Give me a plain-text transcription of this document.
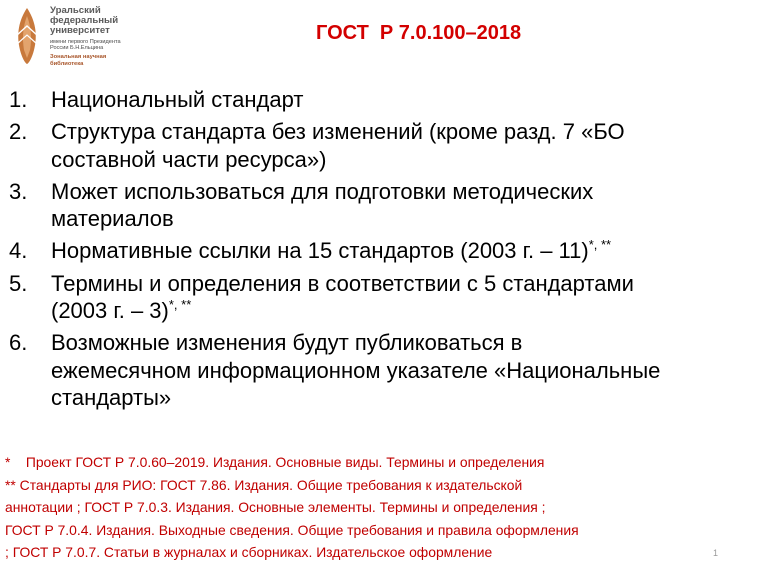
Уральский
федеральный
университет
имени первого Президента
России Б.Н.Ельцина
Зональная научная
библиотека
ГОСТ  Р 7.0.100–2018
1. Национальный стандарт
2. Структура стандарта без изменений (кроме разд. 7 «БО
составной части ресурса»)
3. Может использоваться для подготовки методических
материалов
4. Нормативные ссылки на 15 стандартов (2003 г. – 11)*, **
5. Термины и определения в соответствии с 5 стандартами
(2003 г. – 3)*, **
6. Возможные изменения будут публиковаться в
ежемесячном информационном указателе «Национальные
стандарты»
*    Проект ГОСТ Р 7.0.60–2019. Издания. Основные виды. Термины и определения
** Стандарты для РИО: ГОСТ 7.86. Издания. Общие требования к издательской
аннотации ; ГОСТ Р 7.0.3. Издания. Основные элементы. Термины и определения ;
ГОСТ Р 7.0.4. Издания. Выходные сведения. Общие требования и правила оформления
; ГОСТ Р 7.0.7. Статьи в журналах и сборниках. Издательское оформление	1
